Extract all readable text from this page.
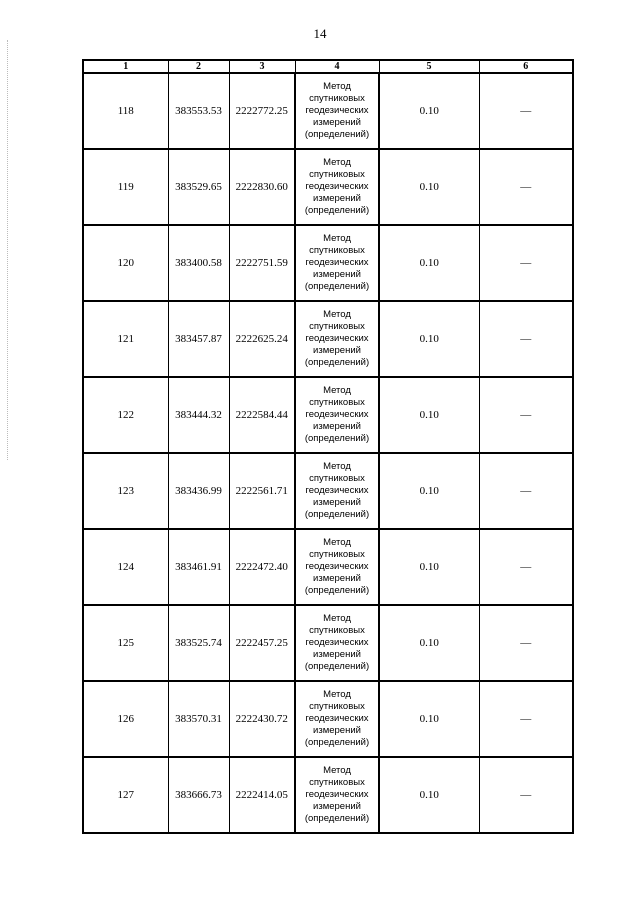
14
1	2	3	4	5	6
118	383553.53	2222772.25	Метод
спутниковых
геодезических
измерений
(определений)	0.10	—
119	383529.65	2222830.60	Метод
спутниковых
геодезических
измерений
(определений)	0.10	—
120	383400.58	2222751.59	Метод
спутниковых
геодезических
измерений
(определений)	0.10	—
121	383457.87	2222625.24	Метод
спутниковых
геодезических
измерений
(определений)	0.10	—
122	383444.32	2222584.44	Метод
спутниковых
геодезических
измерений
(определений)	0.10	—
123	383436.99	2222561.71	Метод
спутниковых
геодезических
измерений
(определений)	0.10	—
124	383461.91	2222472.40	Метод
спутниковых
геодезических
измерений
(определений)	0.10	—
125	383525.74	2222457.25	Метод
спутниковых
геодезических
измерений
(определений)	0.10	—
126	383570.31	2222430.72	Метод
спутниковых
геодезических
измерений
(определений)	0.10	—
127	383666.73	2222414.05	Метод
спутниковых
геодезических
измерений
(определений)	0.10	—
